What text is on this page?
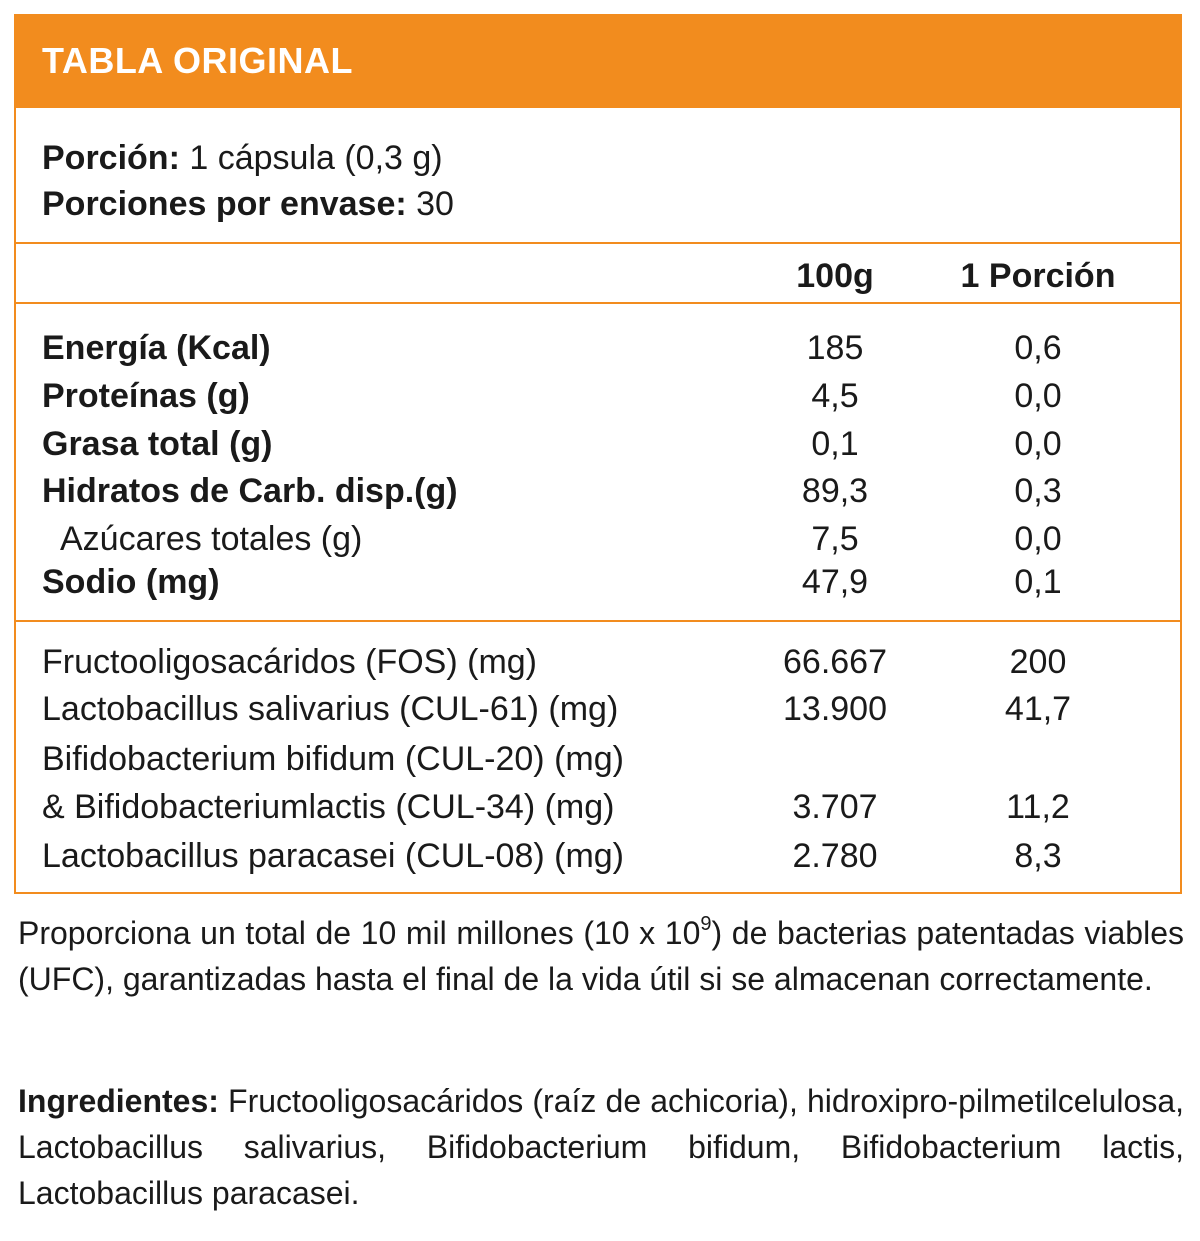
TABLA ORIGINAL
Porción: 1 cápsula (0,3 g)
Porciones por envase: 30
100g	1 Porción
Energía (Kcal)	185	0,6
Proteínas (g)	4,5	0,0
Grasa total (g)	0,1	0,0
Hidratos de Carb. disp.(g)	89,3	0,3
Azúcares totales (g)	7,5	0,0
Sodio (mg)	47,9	0,1
Fructooligosacáridos (FOS) (mg)	66.667	200
Lactobacillus salivarius (CUL-61) (mg)	13.900	41,7
Bifidobacterium bifidum (CUL-20) (mg)
& Bifidobacteriumlactis (CUL-34) (mg)	3.707	11,2
Lactobacillus paracasei (CUL-08) (mg)	2.780	8,3
Proporciona un total de 10 mil millones (10 x $10^9$) de bacterias patentadas viables (UFC), garantizadas hasta el final de la vida útil si se almacenan correctamente.
Ingredientes: Fructooligosacáridos (raíz de achicoria), hidroxipro-pilmetilcelulosa, Lactobacillus salivarius, Bifidobacterium bifidum, Bifidobacterium lactis, Lactobacillus paracasei.
